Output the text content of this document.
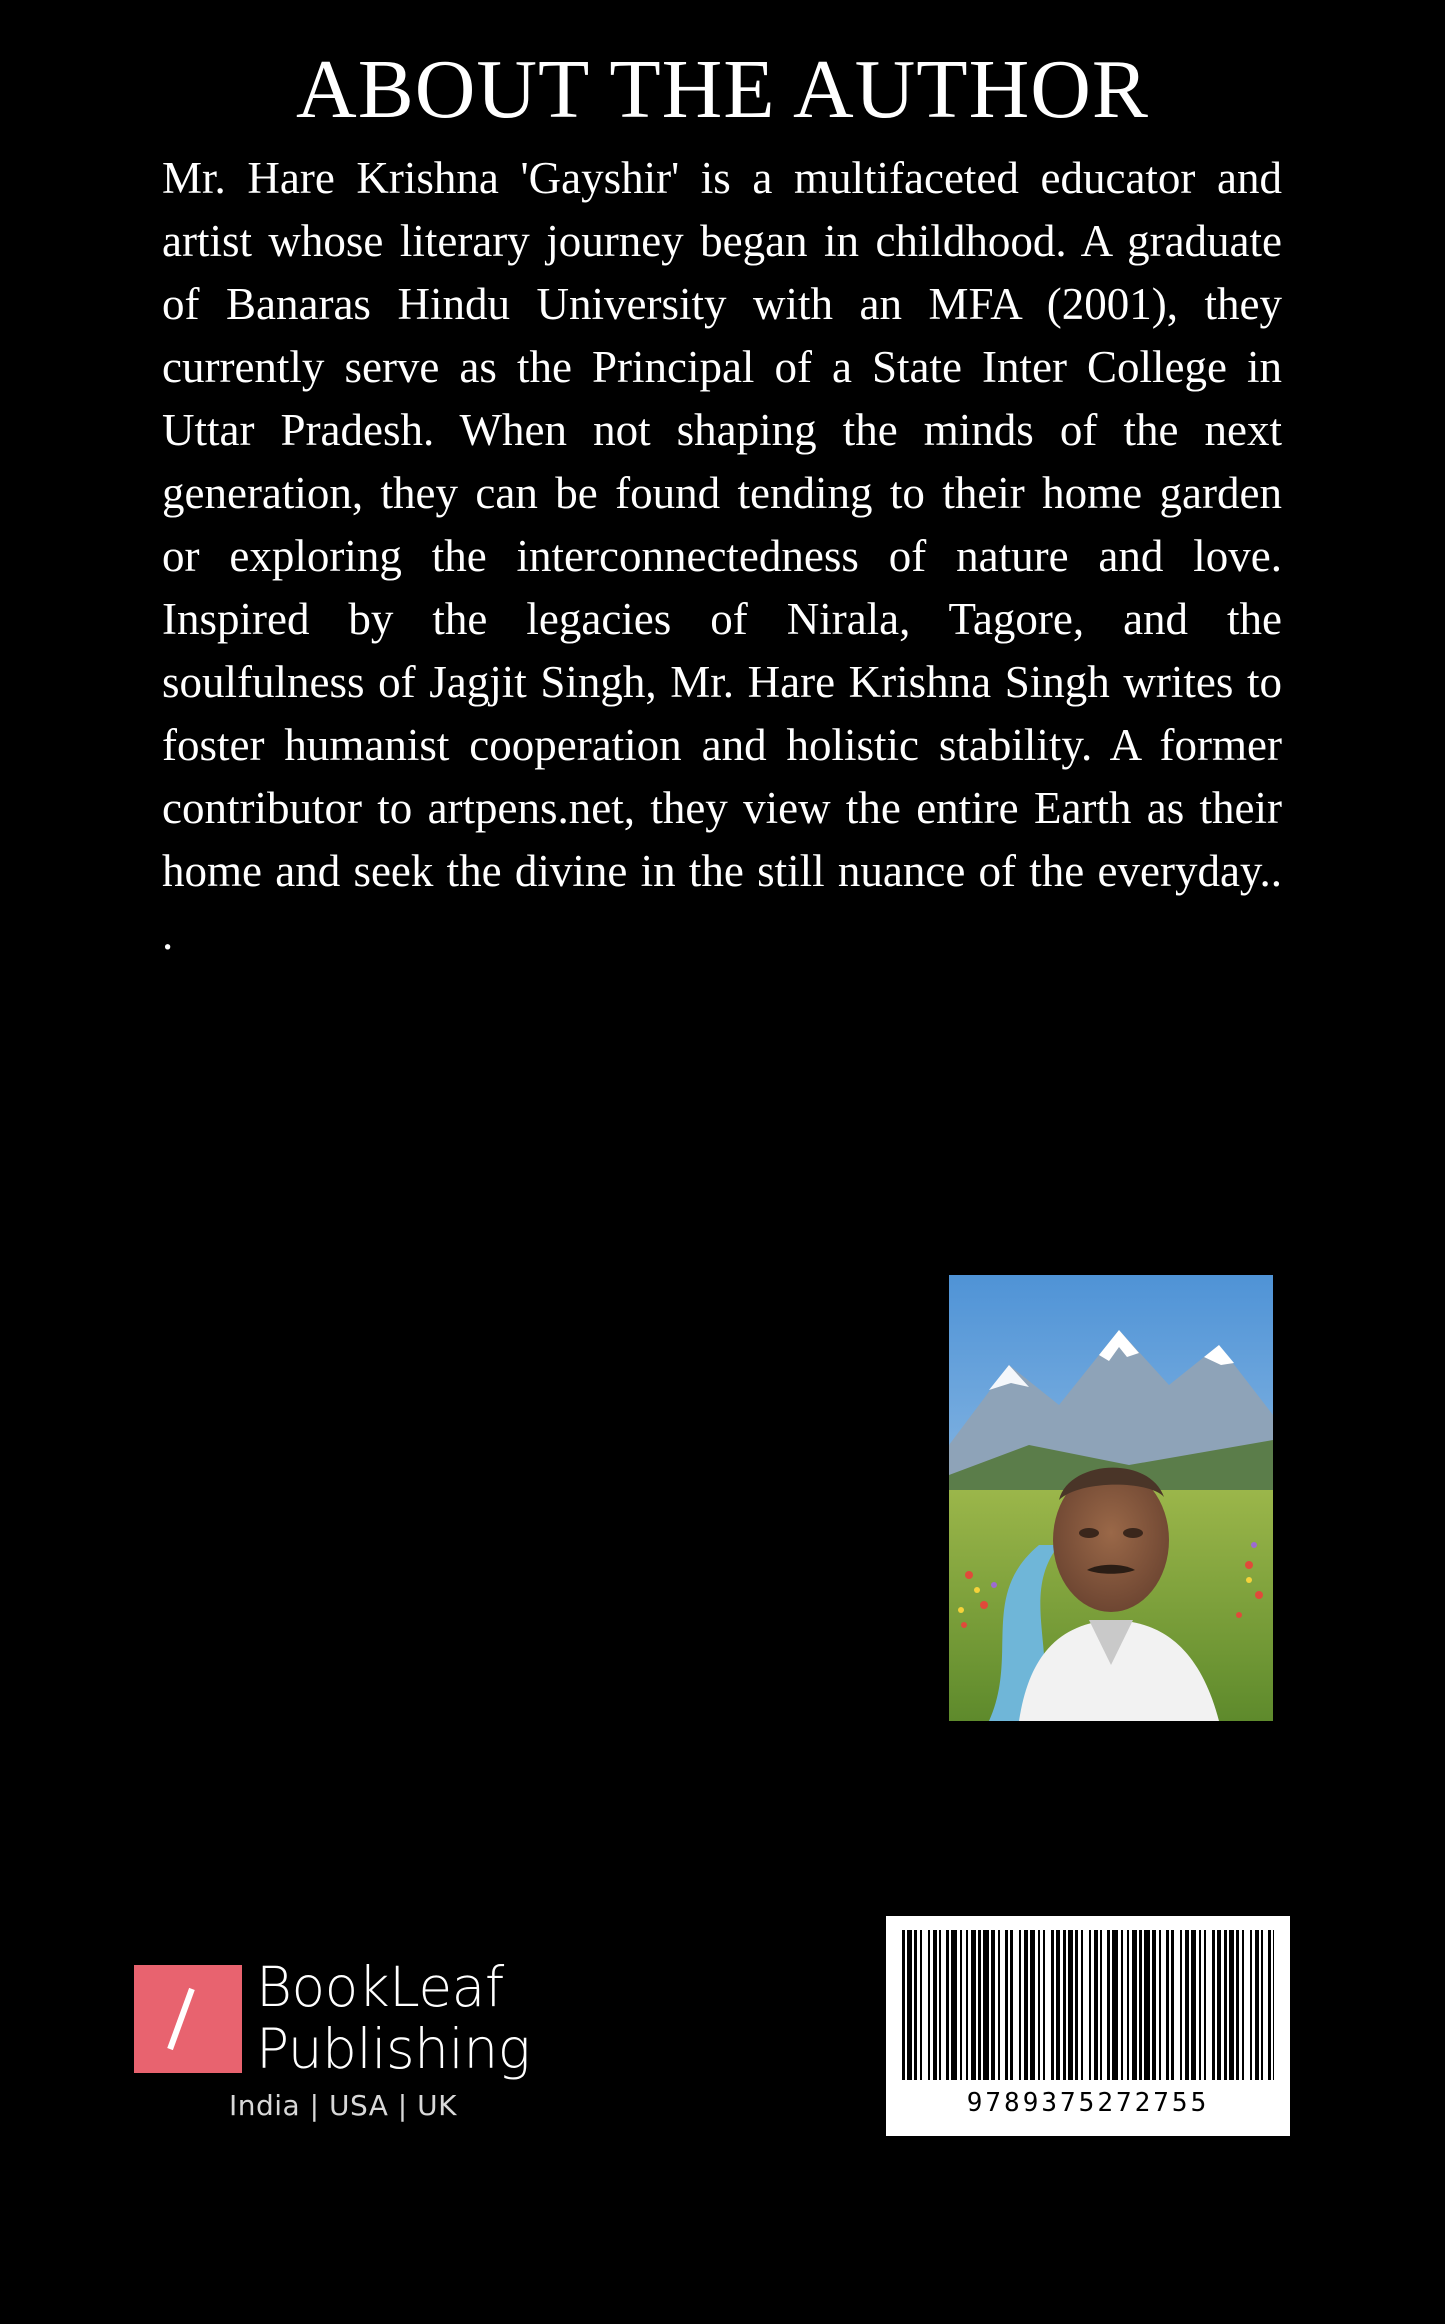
ABOUT THE AUTHOR

Mr. Hare Krishna 'Gayshir' is a multifaceted educator and artist whose literary journey began in childhood. A graduate of Banaras Hindu University with an MFA (2001), they currently serve as the Principal of a State Inter College in Uttar Pradesh. When not shaping the minds of the next generation, they can be found tending to their home garden or exploring the interconnectedness of nature and love. Inspired by the legacies of Nirala, Tagore, and the soulfulness of Jagjit Singh, Mr. Hare Krishna Singh writes to foster humanist cooperation and holistic stability. A former contributor to artpens.net, they view the entire Earth as their home and seek the divine in the still nuance of the everyday.. .

BookLeaf
Publishing
India | USA | UK	9789375272755
